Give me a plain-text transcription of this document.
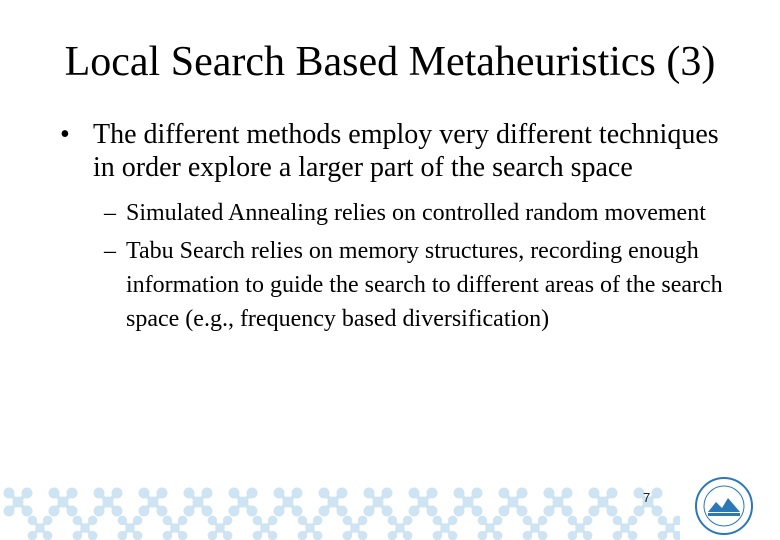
Local Search Based Metaheuristics (3)
• The different methods employ very different techniques in order explore a larger part of the search space
– Simulated Annealing relies on controlled random movement
– Tabu Search relies on memory structures, recording enough information to guide the search to different areas of the search space (e.g., frequency based diversification)
7
